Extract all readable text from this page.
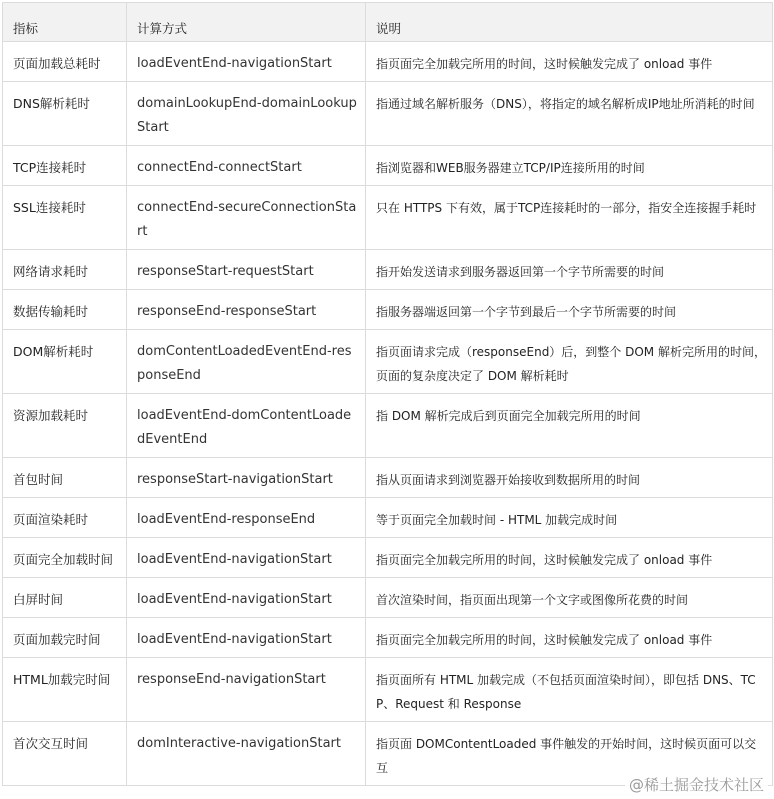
指标	计算方式	说明
页面加载总耗时	loadEventEnd-navigationStart	指页面完全加载完所用的时间，这时候触发完成了 onload 事件
DNS解析耗时	domainLookupEnd-domainLookupStart	指通过域名解析服务（DNS），将指定的域名解析成IP地址所消耗的时间
TCP连接耗时	connectEnd-connectStart	指浏览器和WEB服务器建立TCP/IP连接所用的时间
SSL连接耗时	connectEnd-secureConnectionStart	只在 HTTPS 下有效，属于TCP连接耗时的一部分，指安全连接握手耗时
网络请求耗时	responseStart-requestStart	指开始发送请求到服务器返回第一个字节所需要的时间
数据传输耗时	responseEnd-responseStart	指服务器端返回第一个字节到最后一个字节所需要的时间
DOM解析耗时	domContentLoadedEventEnd-responseEnd	指页面请求完成（responseEnd）后，到整个 DOM 解析完所用的时间，页面的复杂度决定了 DOM 解析耗时
资源加载耗时	loadEventEnd-domContentLoadedEventEnd	指 DOM 解析完成后到页面完全加载完所用的时间
首包时间	responseStart-navigationStart	指从页面请求到浏览器开始接收到数据所用的时间
页面渲染耗时	loadEventEnd-responseEnd	等于页面完全加载时间 - HTML 加载完成时间
页面完全加载时间	loadEventEnd-navigationStart	指页面完全加载完所用的时间，这时候触发完成了 onload 事件
白屏时间	loadEventEnd-navigationStart	首次渲染时间，指页面出现第一个文字或图像所花费的时间
页面加载完时间	loadEventEnd-navigationStart	指页面完全加载完所用的时间，这时候触发完成了 onload 事件
HTML加载完时间	responseEnd-navigationStart	指页面所有 HTML 加载完成（不包括页面渲染时间），即包括 DNS、TCP、Request 和 Response
首次交互时间	domInteractive-navigationStart	指页面 DOMContentLoaded 事件触发的开始时间，这时候页面可以交互
@稀土掘金技术社区
